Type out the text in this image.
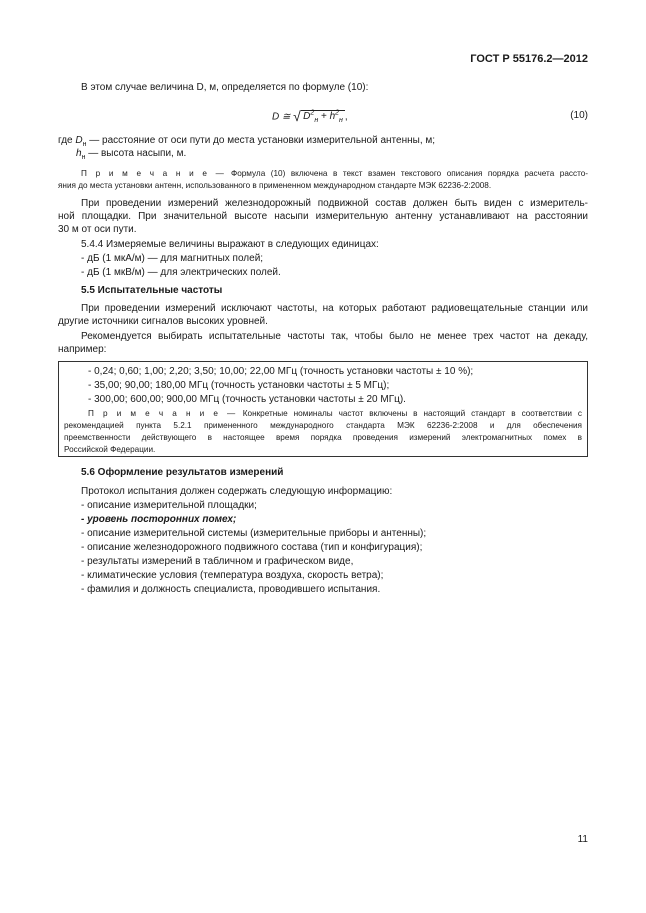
ГОСТ Р 55176.2—2012
В этом случае величина D, м, определяется по формуле (10):
D ≅ √ $D^2_н + h^2_н$ ,	(10)
где $D_н$ — расстояние от оси пути до места установки измерительной антенны, м;
$h_н$ — высота насыпи, м.
П р и м е ч а н и е — Формула (10) включена в текст взамен текстового описания порядка расчета рассто-
яния до места установки антенн, использованного в примененном международном стандарте МЭК 62236-2:2008.
При проведении измерений железнодорожный подвижной состав должен быть виден с измеритель-
ной площадки. При значительной высоте насыпи измерительную антенну устанавливают на расстоянии
30 м от оси пути.
5.4.4 Измеряемые величины выражают в следующих единицах:
- дБ (1 мкА/м) — для магнитных полей;
- дБ (1 мкВ/м) — для электрических полей.
5.5 Испытательные частоты
При проведении измерений исключают частоты, на которых работают радиовещательные станции или
другие источники сигналов высоких уровней.
Рекомендуется выбирать испытательные частоты так, чтобы было не менее трех частот на декаду,
например:
- 0,24; 0,60; 1,00; 2,20; 3,50; 10,00; 22,00 МГц (точность установки частоты ± 10 %);
- 35,00; 90,00; 180,00 МГц (точность установки частоты ± 5 МГц);
- 300,00; 600,00; 900,00 МГц (точность установки частоты ± 20 МГц).
П р и м е ч а н и е — Конкретные номиналы частот включены в настоящий стандарт в соответствии с
рекомендацией пункта 5.2.1 примененного международного стандарта МЭК 62236-2:2008 и для обеспечения
преемственности действующего в настоящее время порядка проведения измерений электромагнитных помех в
Российской Федерации.
5.6 Оформление результатов измерений
Протокол испытания должен содержать следующую информацию:
- описание измерительной площадки;
- уровень посторонних помех;
- описание измерительной системы (измерительные приборы и антенны);
- описание железнодорожного подвижного состава (тип и конфигурация);
- результаты измерений в табличном и графическом виде,
- климатические условия (температура воздуха, скорость ветра);
- фамилия и должность специалиста, проводившего испытания.
11
